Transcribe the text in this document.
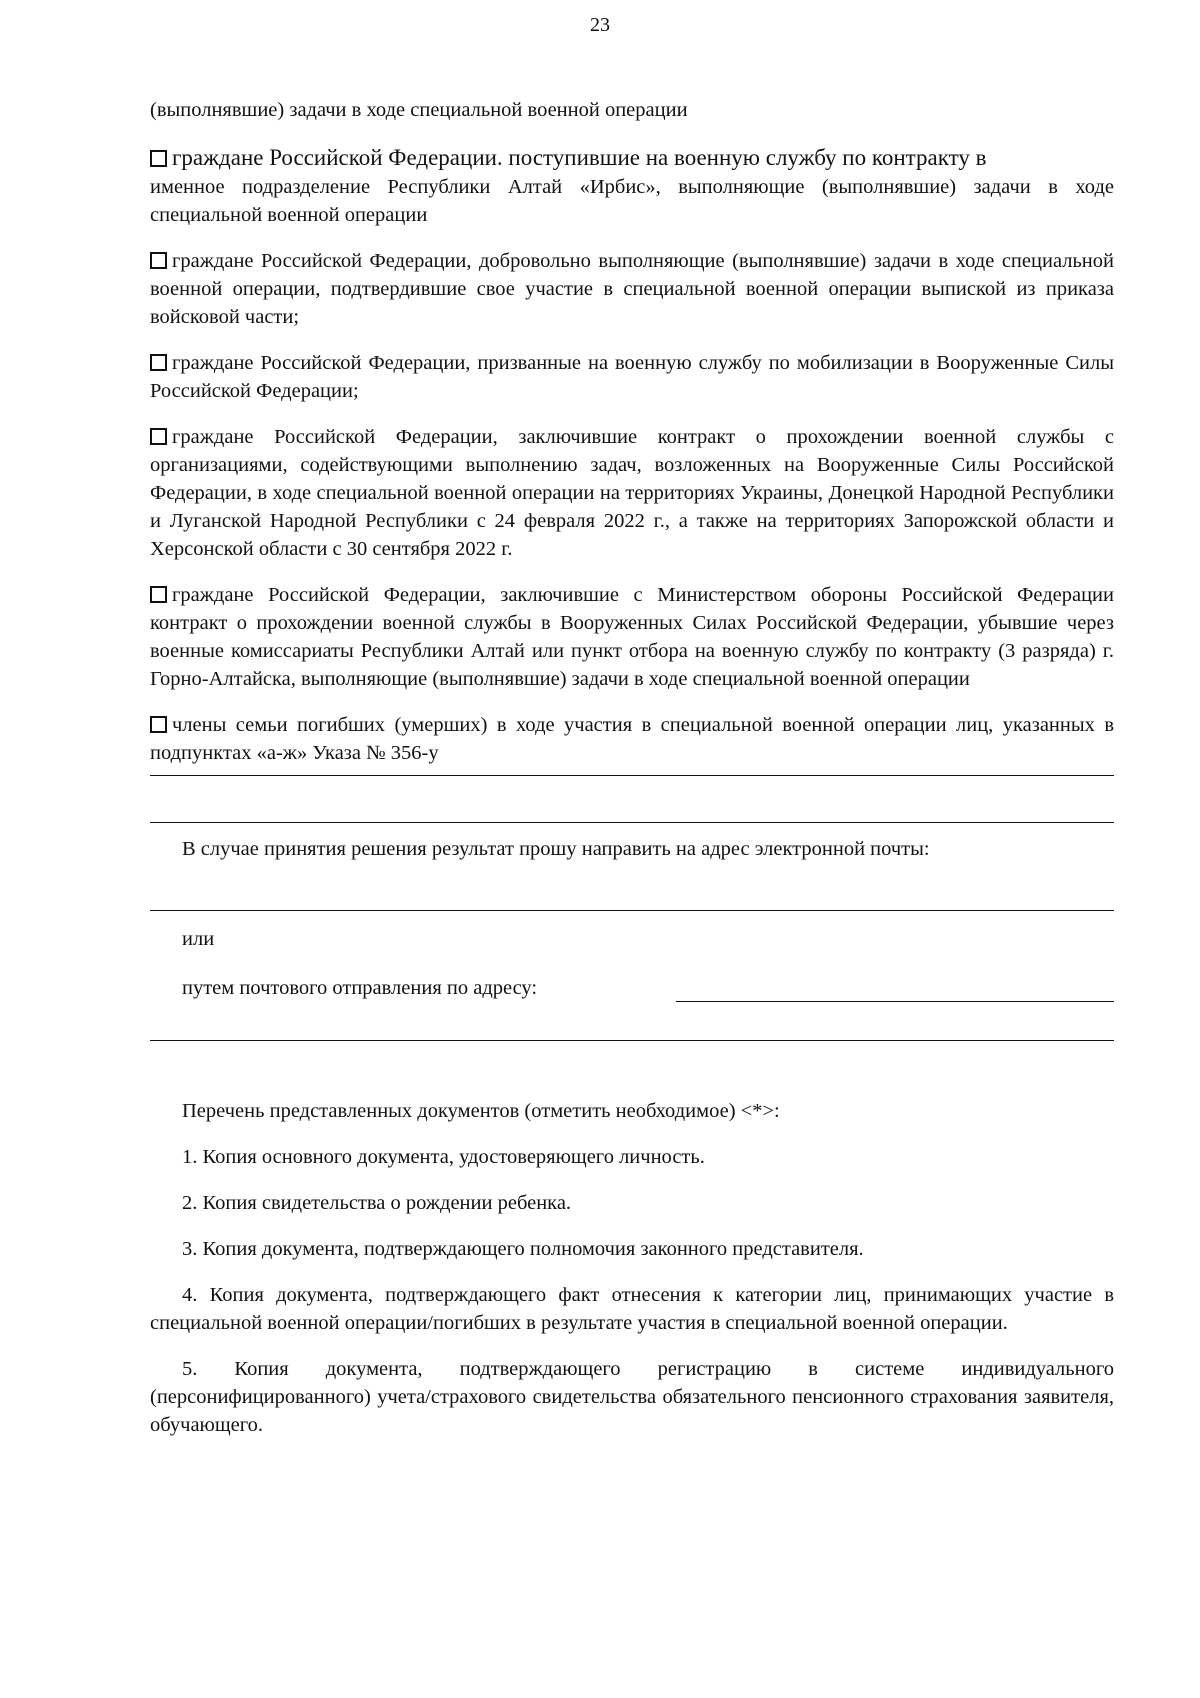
23

(выполнявшие) задачи в ходе специальной военной операции

граждане Российской Федерации. поступившие на военную службу по контракту в
именное подразделение Республики Алтай «Ирбис», выполняющие (выполнявшие) задачи в ходе специальной военной операции
граждане Российской Федерации, добровольно выполняющие (выполнявшие) задачи в ходе специальной военной операции, подтвердившие свое участие в специальной военной операции выпиской из приказа войсковой части;
граждане Российской Федерации, призванные на военную службу по мобилизации в Вооруженные Силы Российской Федерации;
граждане Российской Федерации, заключившие контракт о прохождении военной службы с организациями, содействующими выполнению задач, возложенных на Вооруженные Силы Российской Федерации, в ходе специальной военной операции на территориях Украины, Донецкой Народной Республики и Луганской Народной Республики с 24 февраля 2022 г., а также на территориях Запорожской области и Херсонской области с 30 сентября 2022 г.
граждане Российской Федерации, заключившие с Министерством обороны Российской Федерации контракт о прохождении военной службы в Вооруженных Силах Российской Федерации, убывшие через военные комиссариаты Республики Алтай или пункт отбора на военную службу по контракту (3 разряда) г. Горно-Алтайска, выполняющие (выполнявшие) задачи в ходе специальной военной операции
члены семьи погибших (умерших) в ходе участия в специальной военной операции лиц, указанных в подпунктах «а-ж» Указа № 356-у

В случае принятия решения результат прошу направить на адрес электронной почты:

или

путем почтового отправления по адресу:

Перечень представленных документов (отметить необходимое) <*>:

1. Копия основного документа, удостоверяющего личность.

2. Копия свидетельства о рождении ребенка.

3. Копия документа, подтверждающего полномочия законного представителя.

4. Копия документа, подтверждающего факт отнесения к категории лиц, принимающих участие в специальной военной операции/погибших в результате участия в специальной военной операции.

5. Копия документа, подтверждающего регистрацию в системе индивидуального (персонифицированного) учета/страхового свидетельства обязательного пенсионного страхования заявителя, обучающего.
